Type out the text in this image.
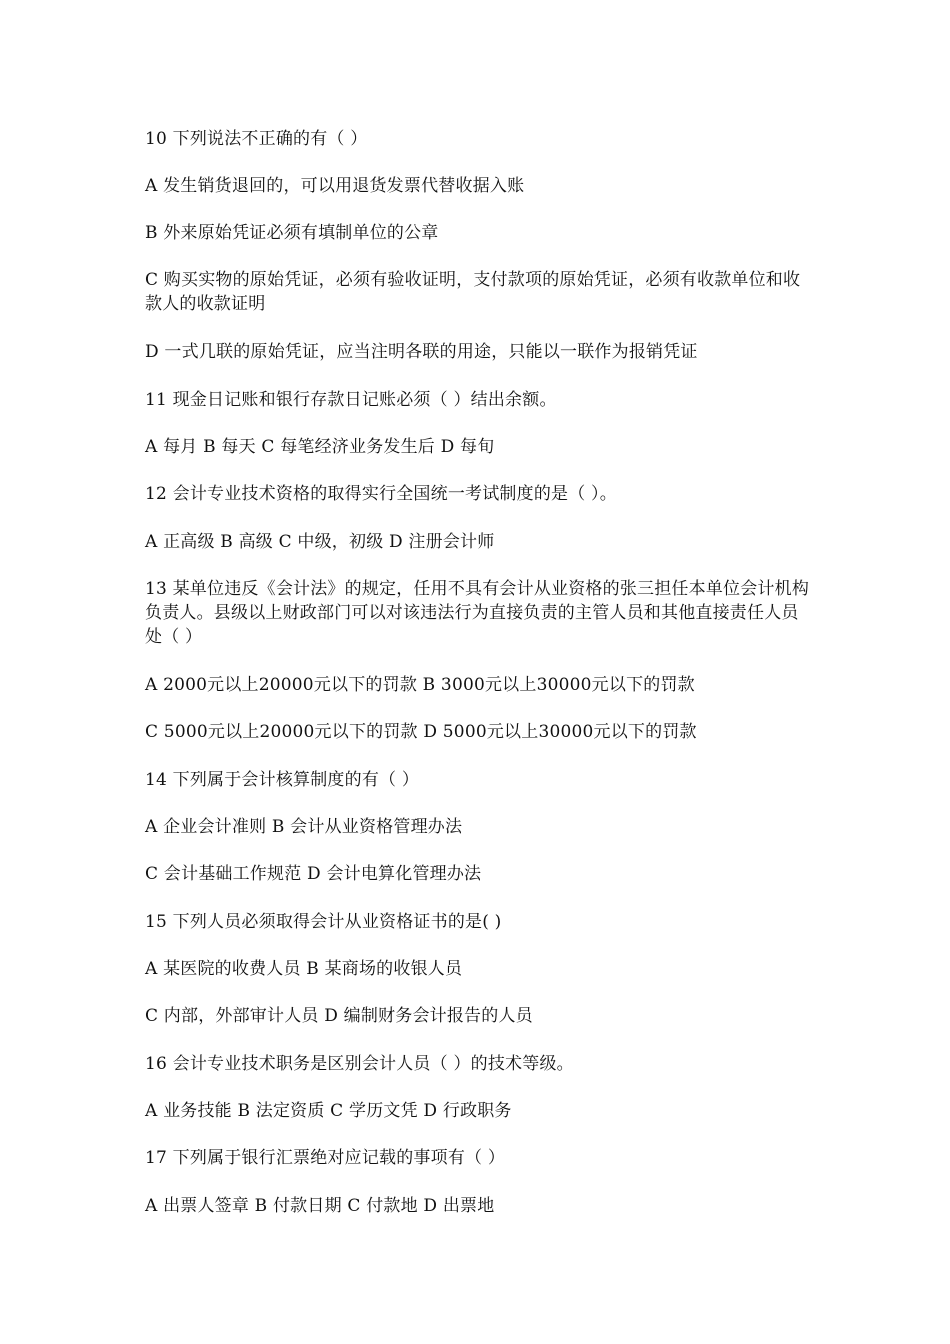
10 下列说法不正确的有（ ）
A 发生销货退回的，可以用退货发票代替收据入账
B 外来原始凭证必须有填制单位的公章
C 购买实物的原始凭证，必须有验收证明，支付款项的原始凭证，必须有收款单位和收款人的收款证明
D 一式几联的原始凭证，应当注明各联的用途，只能以一联作为报销凭证
11 现金日记账和银行存款日记账必须（ ）结出余额。
A 每月 B 每天 C 每笔经济业务发生后 D 每旬
12 会计专业技术资格的取得实行全国统一考试制度的是（ ）。
A 正高级 B 高级 C 中级，初级 D 注册会计师
13 某单位违反《会计法》的规定，任用不具有会计从业资格的张三担任本单位会计机构负责人。县级以上财政部门可以对该违法行为直接负责的主管人员和其他直接责任人员处（ ）
A 2000元以上20000元以下的罚款 B 3000元以上30000元以下的罚款
C 5000元以上20000元以下的罚款 D 5000元以上30000元以下的罚款
14 下列属于会计核算制度的有（ ）
A 企业会计准则 B 会计从业资格管理办法
C 会计基础工作规范 D 会计电算化管理办法
15 下列人员必须取得会计从业资格证书的是( )
A 某医院的收费人员 B 某商场的收银人员
C 内部，外部审计人员 D 编制财务会计报告的人员
16 会计专业技术职务是区别会计人员（ ）的技术等级。
A 业务技能 B 法定资质 C 学历文凭 D 行政职务
17 下列属于银行汇票绝对应记载的事项有（ ）
A 出票人签章 B 付款日期 C 付款地 D 出票地
